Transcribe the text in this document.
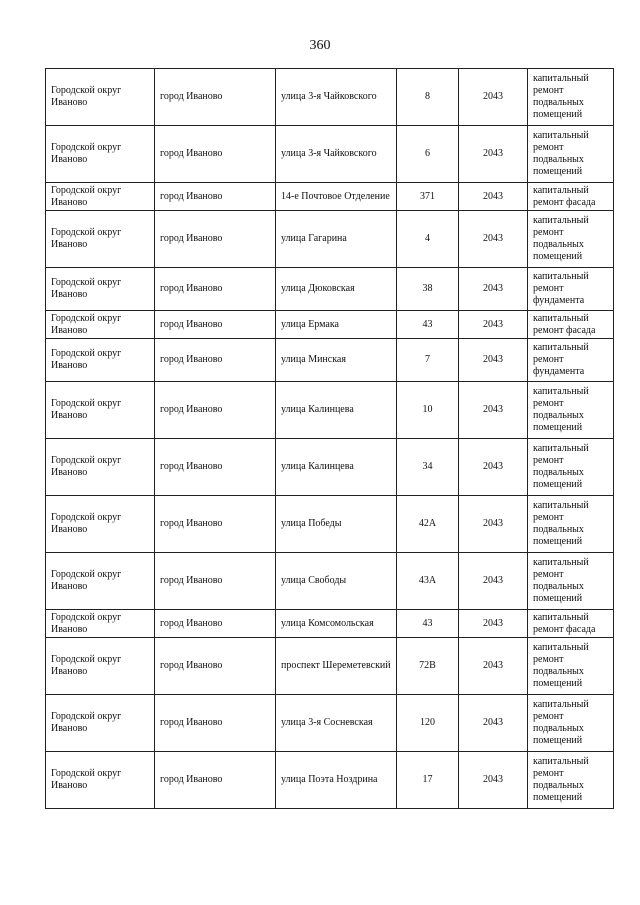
360
Городской округ Иваново	город Иваново	улица 3-я Чайковского	8	2043	капитальный ремонт подвальных помещений
Городской округ Иваново	город Иваново	улица 3-я Чайковского	6	2043	капитальный ремонт подвальных помещений
Городской округ Иваново	город Иваново	14-е Почтовое Отделение	371	2043	капитальный ремонт фасада
Городской округ Иваново	город Иваново	улица Гагарина	4	2043	капитальный ремонт подвальных помещений
Городской округ Иваново	город Иваново	улица Дюковская	38	2043	капитальный ремонт фундамента
Городской округ Иваново	город Иваново	улица Ермака	43	2043	капитальный ремонт фасада
Городской округ Иваново	город Иваново	улица Минская	7	2043	капитальный ремонт фундамента
Городской округ Иваново	город Иваново	улица Калинцева	10	2043	капитальный ремонт подвальных помещений
Городской округ Иваново	город Иваново	улица Калинцева	34	2043	капитальный ремонт подвальных помещений
Городской округ Иваново	город Иваново	улица Победы	42А	2043	капитальный ремонт подвальных помещений
Городской округ Иваново	город Иваново	улица Свободы	43А	2043	капитальный ремонт подвальных помещений
Городской округ Иваново	город Иваново	улица Комсомольская	43	2043	капитальный ремонт фасада
Городской округ Иваново	город Иваново	проспект Шереметевский	72В	2043	капитальный ремонт подвальных помещений
Городской округ Иваново	город Иваново	улица 3-я Сосневская	120	2043	капитальный ремонт подвальных помещений
Городской округ Иваново	город Иваново	улица Поэта Ноздрина	17	2043	капитальный ремонт подвальных помещений
